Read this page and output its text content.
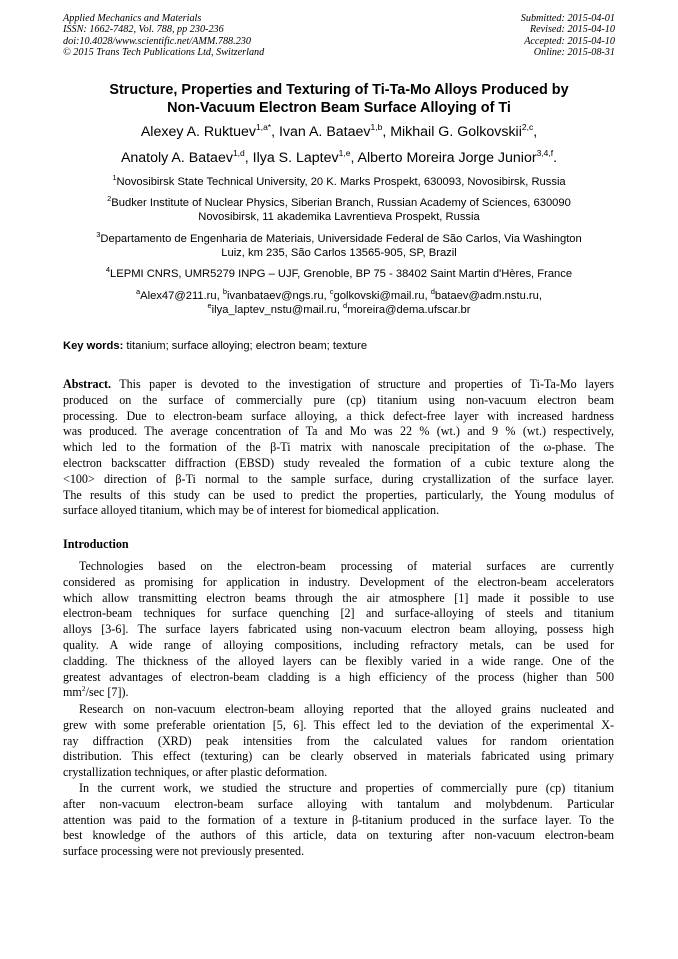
Applied Mechanics and Materials
ISSN: 1662-7482, Vol. 788, pp 230-236
doi:10.4028/www.scientific.net/AMM.788.230
© 2015 Trans Tech Publications Ltd, Switzerland
Submitted: 2015-04-01
Revised: 2015-04-10
Accepted: 2015-04-10
Online: 2015-08-31
Structure, Properties and Texturing of Ti-Ta-Mo Alloys Produced by
Non-Vacuum Electron Beam Surface Alloying of Ti
Alexey A. Ruktuev$^{1,a*}$, Ivan A. Bataev$^{1,b}$, Mikhail G. Golkovskii$^{2,c}$,
Anatoly A. Bataev$^{1,d}$, Ilya S. Laptev$^{1,e}$, Alberto Moreira Jorge Junior$^{3,4,f}$.
$^1$Novosibirsk State Technical University, 20 K. Marks Prospekt, 630093, Novosibirsk, Russia
$^2$Budker Institute of Nuclear Physics, Siberian Branch, Russian Academy of Sciences, 630090
Novosibirsk, 11 akademika Lavrentieva Prospekt, Russia
$^3$Departamento de Engenharia de Materiais, Universidade Federal de São Carlos, Via Washington
Luiz, km 235, São Carlos 13565-905, SP, Brazil
$^4$LEPMI CNRS, UMR5279 INPG – UJF, Grenoble, BP 75 - 38402 Saint Martin d'Hères, France
$^a$Alex47@211.ru, $^b$ivanbataev@ngs.ru, $^c$golkovski@mail.ru, $^d$bataev@adm.nstu.ru,
$^e$ilya_laptev_nstu@mail.ru, $^d$moreira@dema.ufscar.br
Key words: titanium; surface alloying; electron beam; texture
Abstract. This paper is devoted to the investigation of structure and properties of Ti-Ta-Mo layers
produced on the surface of commercially pure (cp) titanium using non-vacuum electron beam
processing. Due to electron-beam surface alloying, a thick defect-free layer with increased hardness
was produced. The average concentration of Ta and Mo was 22 % (wt.) and 9 % (wt.) respectively,
which led to the formation of the β-Ti matrix with nanoscale precipitation of the ω-phase. The
electron backscatter diffraction (EBSD) study revealed the formation of a cubic texture along the
<100> direction of β-Ti normal to the sample surface, during crystallization of the surface layer.
The results of this study can be used to predict the properties, particularly, the Young modulus of
surface alloyed titanium, which may be of interest for biomedical application.
Introduction
Technologies based on the electron-beam processing of material surfaces are currently
considered as promising for application in industry. Development of the electron-beam accelerators
which allow transmitting electron beams through the air atmosphere [1] made it possible to use
electron-beam techniques for surface quenching [2] and surface-alloying of steels and titanium
alloys [3-6]. The surface layers fabricated using non-vacuum electron beam alloying, possess high
quality. A wide range of alloying compositions, including refractory metals, can be used for
cladding. The thickness of the alloyed layers can be flexibly varied in a wide range. One of the
greatest advantages of electron-beam cladding is a high efficiency of the process (higher than 500
$mm^2/\sec$ [7]).
Research on non-vacuum electron-beam alloying reported that the alloyed grains nucleated and
grew with some preferable orientation [5, 6]. This effect led to the deviation of the experimental X-
ray diffraction (XRD) peak intensities from the calculated values for random orientation
distribution. This effect (texturing) can be clearly observed in materials fabricated using primary
crystallization techniques, or after plastic deformation.
In the current work, we studied the structure and properties of commercially pure (cp) titanium
after non-vacuum electron-beam surface alloying with tantalum and molybdenum. Particular
attention was paid to the formation of a texture in β-titanium produced in the surface layer. To the
best knowledge of the authors of this article, data on texturing after non-vacuum electron-beam
surface processing were not previously presented.
